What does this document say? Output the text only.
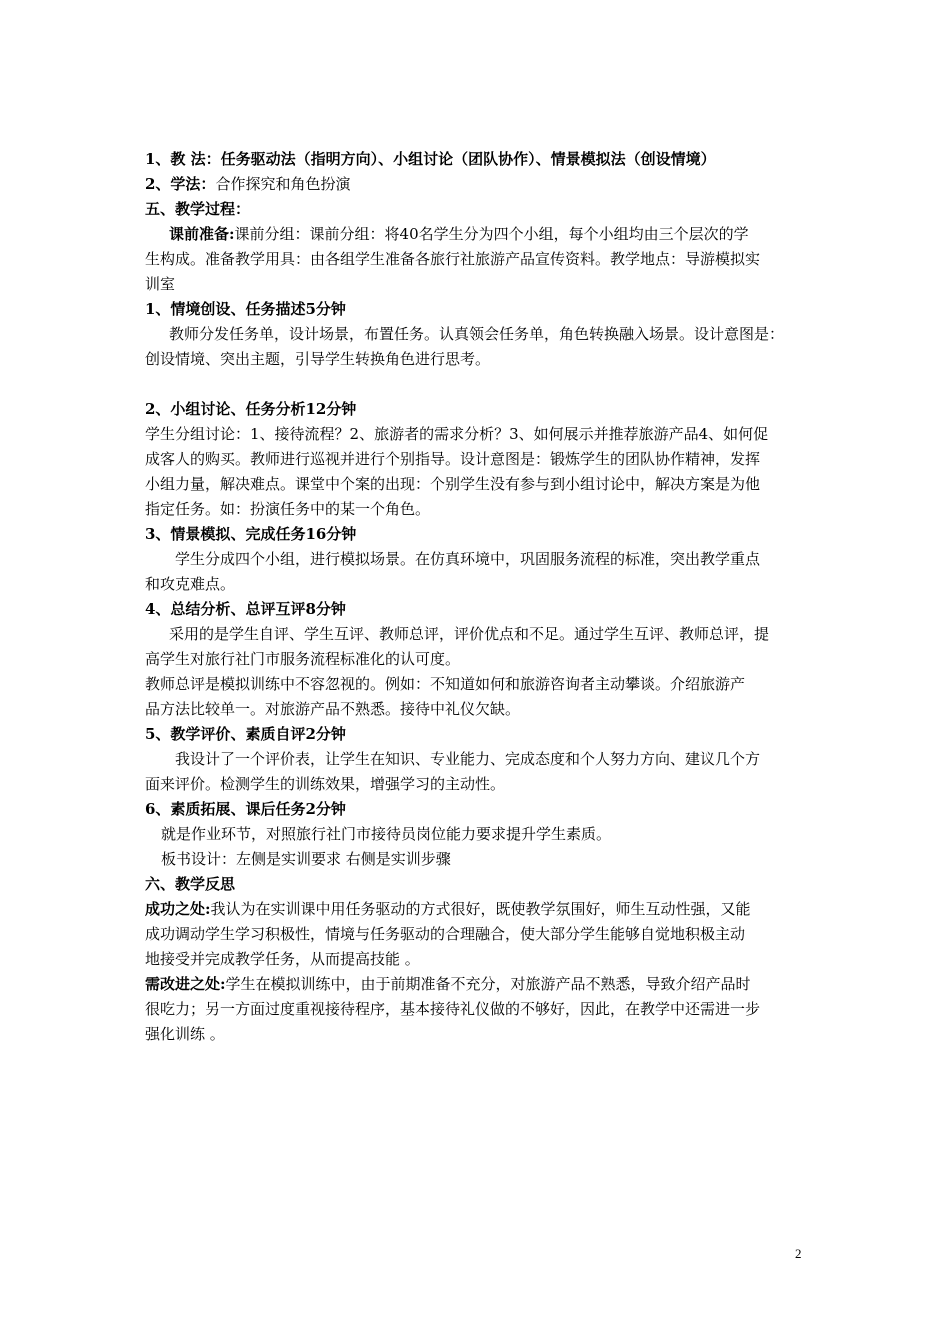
1、教 法：任务驱动法（指明方向）、小组讨论（团队协作）、情景模拟法（创设情境）
2、学法：合作探究和角色扮演
五、教学过程：
课前准备:课前分组：课前分组：将40名学生分为四个小组，每个小组均由三个层次的学
生构成。准备教学用具：由各组学生准备各旅行社旅游产品宣传资料。教学地点：导游模拟实
训室
1、情境创设、任务描述5分钟
教师分发任务单，设计场景，布置任务。认真领会任务单，角色转换融入场景。设计意图是：
创设情境、突出主题，引导学生转换角色进行思考。
2、小组讨论、任务分析12分钟
学生分组讨论：1、接待流程？2、旅游者的需求分析？3、如何展示并推荐旅游产品4、如何促
成客人的购买。教师进行巡视并进行个别指导。设计意图是：锻炼学生的团队协作精神，发挥
小组力量，解决难点。课堂中个案的出现：个别学生没有参与到小组讨论中，解决方案是为他
指定任务。如：扮演任务中的某一个角色。
3、情景模拟、完成任务16分钟
学生分成四个小组，进行模拟场景。在仿真环境中，巩固服务流程的标准，突出教学重点
和攻克难点。
4、总结分析、总评互评8分钟
采用的是学生自评、学生互评、教师总评，评价优点和不足。通过学生互评、教师总评，提
高学生对旅行社门市服务流程标准化的认可度。
教师总评是模拟训练中不容忽视的。例如：不知道如何和旅游咨询者主动攀谈。介绍旅游产
品方法比较单一。对旅游产品不熟悉。接待中礼仪欠缺。
5、教学评价、素质自评2分钟
我设计了一个评价表，让学生在知识、专业能力、完成态度和个人努力方向、建议几个方
面来评价。检测学生的训练效果，增强学习的主动性。
6、素质拓展、课后任务2分钟
就是作业环节，对照旅行社门市接待员岗位能力要求提升学生素质。
板书设计：左侧是实训要求 右侧是实训步骤
六、教学反思
成功之处:我认为在实训课中用任务驱动的方式很好，既使教学氛围好，师生互动性强，又能
成功调动学生学习积极性，情境与任务驱动的合理融合，使大部分学生能够自觉地积极主动
地接受并完成教学任务，从而提高技能 。
需改进之处:学生在模拟训练中，由于前期准备不充分，对旅游产品不熟悉，导致介绍产品时
很吃力；另一方面过度重视接待程序，基本接待礼仪做的不够好，因此，在教学中还需进一步
强化训练 。
2
